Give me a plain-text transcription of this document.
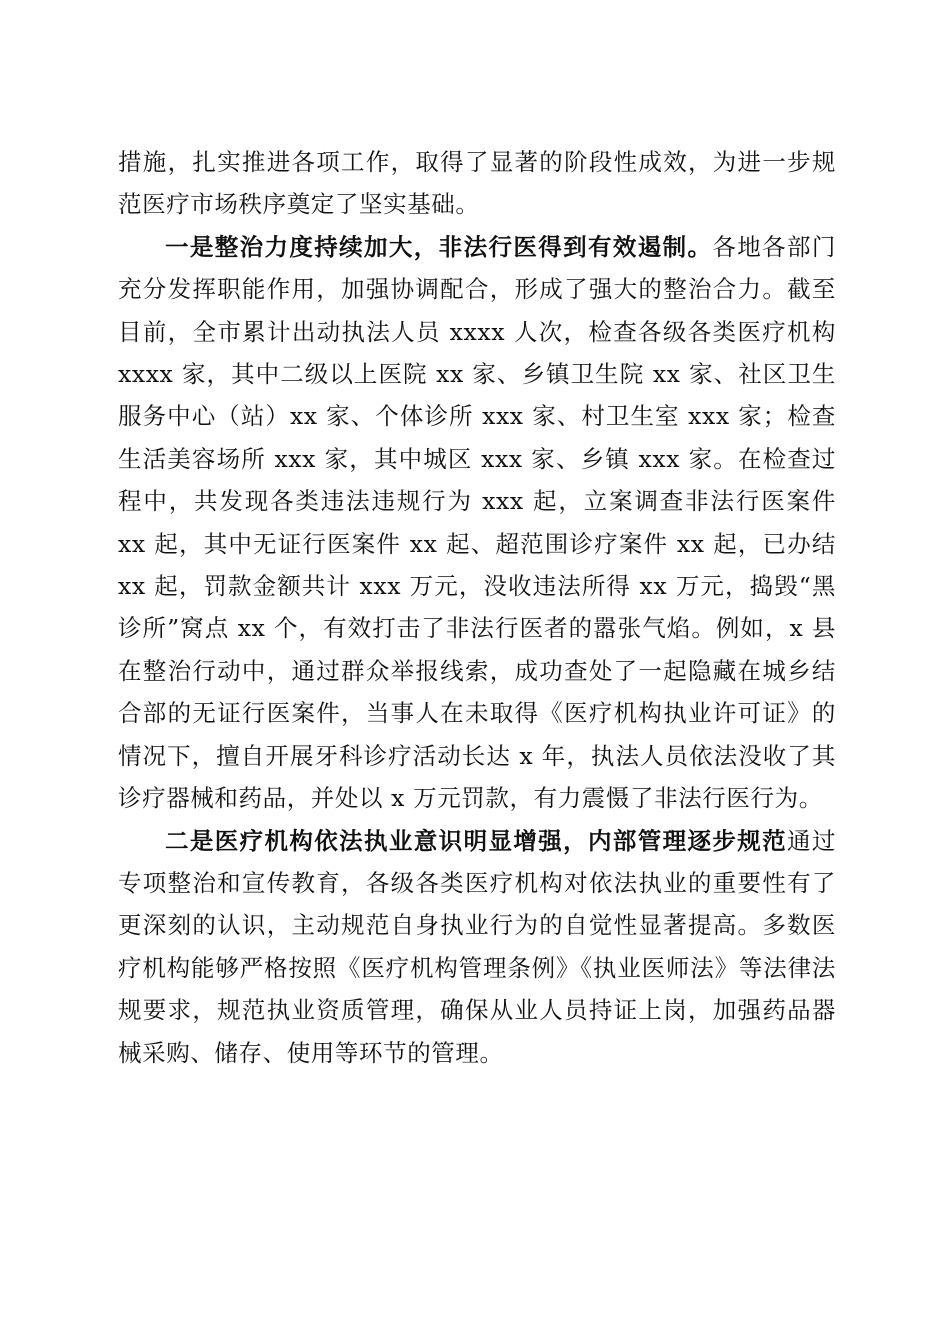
措施，扎实推进各项工作，取得了显著的阶段性成效，为进一步规范医疗市场秩序奠定了坚实基础。

一是整治力度持续加大，非法行医得到有效遏制。各地各部门充分发挥职能作用，加强协调配合，形成了强大的整治合力。截至目前，全市累计出动执法人员 xxxx 人次，检查各级各类医疗机构 xxxx 家，其中二级以上医院 xx 家、乡镇卫生院 xx 家、社区卫生服务中心（站）xx 家、个体诊所 xxx 家、村卫生室 xxx 家；检查生活美容场所 xxx 家，其中城区 xxx 家、乡镇 xxx 家。在检查过程中，共发现各类违法违规行为 xxx 起，立案调查非法行医案件 xx 起，其中无证行医案件 xx 起、超范围诊疗案件 xx 起，已办结 xx 起，罚款金额共计 xxx 万元，没收违法所得 xx 万元，捣毁“黑诊所”窝点 xx 个，有效打击了非法行医者的嚣张气焰。例如，x 县在整治行动中，通过群众举报线索，成功查处了一起隐藏在城乡结合部的无证行医案件，当事人在未取得《医疗机构执业许可证》的情况下，擅自开展牙科诊疗活动长达 x 年，执法人员依法没收了其诊疗器械和药品，并处以 x 万元罚款，有力震慑了非法行医行为。

二是医疗机构依法执业意识明显增强，内部管理逐步规范通过专项整治和宣传教育，各级各类医疗机构对依法执业的重要性有了更深刻的认识，主动规范自身执业行为的自觉性显著提高。多数医疗机构能够严格按照《医疗机构管理条例》《执业医师法》等法律法规要求，规范执业资质管理，确保从业人员持证上岗，加强药品器械采购、储存、使用等环节的管理。
